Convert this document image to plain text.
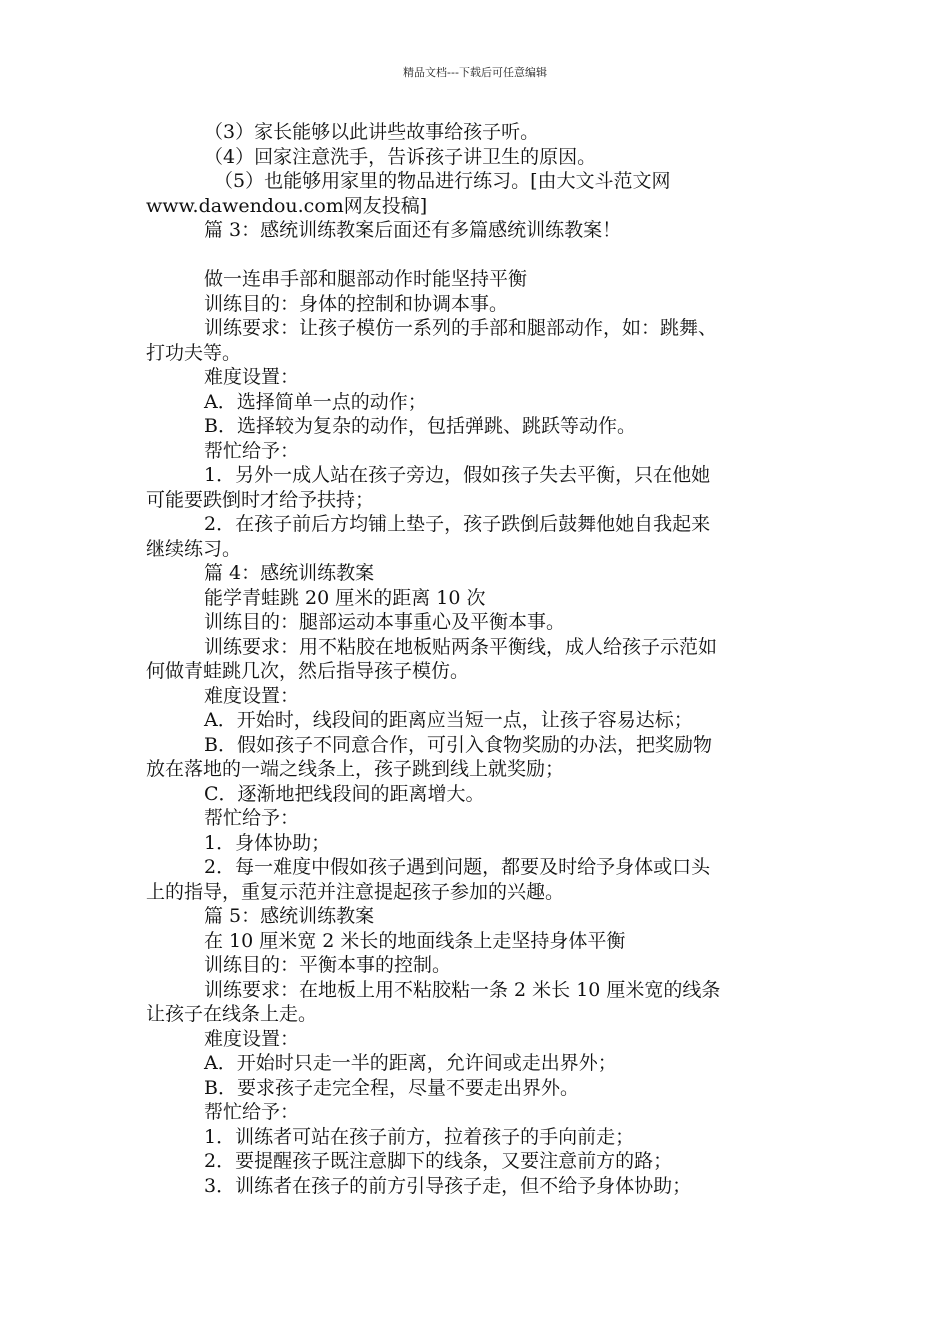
精品文档---下载后可任意编辑
（3）家长能够以此讲些故事给孩子听。
（4）回家注意洗手，告诉孩子讲卫生的原因。
（5）也能够用家里的物品进行练习。[由大文斗范文网
www.dawendou.com网友投稿]
篇 3：感统训练教案后面还有多篇感统训练教案！
做一连串手部和腿部动作时能坚持平衡
训练目的：身体的控制和协调本事。
训练要求：让孩子模仿一系列的手部和腿部动作，如：跳舞、
打功夫等。
难度设置：
A．选择简单一点的动作；
B．选择较为复杂的动作，包括弹跳、跳跃等动作。
帮忙给予：
1．另外一成人站在孩子旁边，假如孩子失去平衡，只在他她
可能要跌倒时才给予扶持；
2．在孩子前后方均铺上垫子，孩子跌倒后鼓舞他她自我起来
继续练习。
篇 4：感统训练教案
能学青蛙跳 20 厘米的距离 10 次
训练目的：腿部运动本事重心及平衡本事。
训练要求：用不粘胶在地板贴两条平衡线，成人给孩子示范如
何做青蛙跳几次，然后指导孩子模仿。
难度设置：
A．开始时，线段间的距离应当短一点，让孩子容易达标；
B．假如孩子不同意合作，可引入食物奖励的办法，把奖励物
放在落地的一端之线条上，孩子跳到线上就奖励；
C．逐渐地把线段间的距离增大。
帮忙给予：
1．身体协助；
2．每一难度中假如孩子遇到问题，都要及时给予身体或口头
上的指导，重复示范并注意提起孩子参加的兴趣。
篇 5：感统训练教案
在 10 厘米宽 2 米长的地面线条上走坚持身体平衡
训练目的：平衡本事的控制。
训练要求：在地板上用不粘胶粘一条 2 米长 10 厘米宽的线条
让孩子在线条上走。
难度设置：
A．开始时只走一半的距离，允许间或走出界外；
B．要求孩子走完全程，尽量不要走出界外。
帮忙给予：
1．训练者可站在孩子前方，拉着孩子的手向前走；
2．要提醒孩子既注意脚下的线条，又要注意前方的路；
3．训练者在孩子的前方引导孩子走，但不给予身体协助；
